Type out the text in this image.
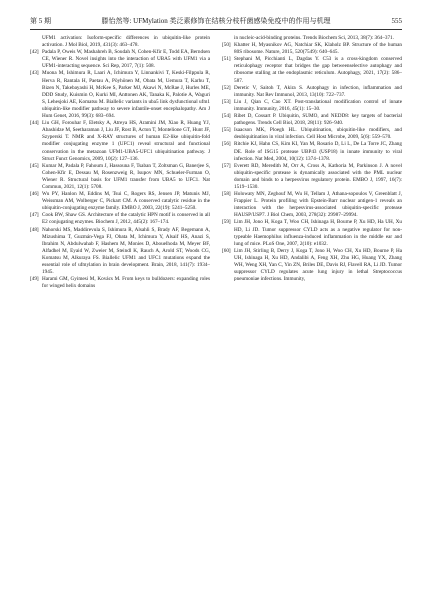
第 5 期	滕怡然等: UFMylation 类泛素修饰在结核分枝杆菌感染免疫中的作用与机理	555
UFM1 activation: Isoform-specific differences in ubiquitin-like protein activation. J Mol Biol, 2019, 431(3): 463–478.
[42] Padala P, Oweis W, Mashahreh B, Soudah N, Cohen-Kfir E, Todd EA, Berndsen CE, Wiener R. Novel insights into the interaction of UBA5 with UFM1 via a UFM1-interacting sequence. Sci Rep, 2017, 7(1): 508.
[43] Muona M, Ishimura R, Laari A, Ichimura Y, Linnankivi T, Keski-Filppula R, Herva R, Rantala H, Paetau A, Pöyhönen M, Obata M, Uemura T, Karhu T, Bizen N, Takebayashi H, McKee S, Parker MJ, Akawi N, McRae J, Hurles ME, DDD Study, Kuismin O, Kurki MI, Anttonen AK, Tanaka K, Palotie A, Waguri S, Lehesjoki AE, Komatsu M. Biallelic variants in uba5 link dysfunctional ufm1 ubiquitin-like modifier pathway to severe infantile-onset encephalopathy. Am J Hum Genet, 2016, 99(3): 683–694.
[44] Liu GH, Forouhar F, Eletsky A, Atreya HS, Aramini JM, Xiao R, Huang YJ, Abashidze M, Seetharaman J, Liu JF, Rost B, Acton T, Montelione GT, Hunt JF, Szyperski T. NMR and X-RAY structures of human E2-like ubiquitin-fold modifier conjugating enzyme 1 (UFC1) reveal structural and functional conservation in the metazoan UFM1-UBA5-UFC1 ubiquitination pathway. J Struct Funct Genomics, 2009, 10(2): 127–136.
[45] Kumar M, Padala P, Fahoum J, Hassouna F, Tsaban T, Zoltsman G, Banerjee S, Cohen-Kfir E, Dessau M, Rosenzweig R, Isupov MN, Schueler-Furman O, Wiener R. Structural basis for UFM1 transfer from UBA5 to UFC1. Nat Commun, 2021, 12(1): 5708.
[46] Wu PY, Hanlon M, Eddins M, Tsui C, Rogers RS, Jensen JP, Matunis MJ, Weissman AM, Wolberger C, Pickart CM. A conserved catalytic residue in the ubiquitin-conjugating enzyme family. EMBO J, 2003, 22(19): 5241–5250.
[47] Cook BW, Shaw GS. Architecture of the catalytic HPN motif is conserved in all E2 conjugating enzymes. Biochem J, 2012, 445(2): 167–174.
[48] Nahorski MS, Maddirevula S, Ishimura R, Alsahli S, Brady AF, Begemann A, Mizushima T, Guzmán-Vega FJ, Obata M, Ichimura Y, Alsaif HS, Anazi S, Ibrahim N, Abdulwahab F, Hashem M, Monies D, Abouelhoda M, Meyer BF, Alfadhel M, Eyaid W, Zweier M, Steindl K, Rauch A, Arold ST, Woods CG, Komatsu M, Alkuraya FS. Biallelic UFM1 and UFC1 mutations expand the essential role of ufmylation in brain development. Brain, 2018, 141(7): 1934–1945.
[49] Harami GM, Gyimesi M, Kovács M. From keys to bulldozers: expanding roles for winged helix domains
in nucleic-acid-binding proteins. Trends Biochem Sci, 2013, 38(7): 364–371.
[50] Khatter H, Myasnikov AG, Natchiar SK, Klaholz BP. Structure of the human 80S ribosome. Nature, 2015, 520(7549): 640–645.
[51] Stephani M, Picchianti L, Dagdas Y. C53 is a cross-kingdom conserved reticulophagy receptor that bridges the gap betweenselective autophagy and ribosome stalling at the endoplasmic reticulum. Autophagy, 2021, 17(2): 586–587.
[52] Deretic V, Saitoh T, Akira S. Autophagy in infection, inflammation and immunity. Nat Rev Immunol, 2013, 13(10): 722–737.
[53] Liu J, Qian C, Cao XT. Post-translational modification control of innate immunity. Immunity, 2016, 45(1): 15–30.
[54] Ribet D, Cossart P. Ubiquitin, SUMO, and NEDD8: key targets of bacterial pathogens. Trends Cell Biol, 2018, 28(11): 926–940.
[55] Isaacson MK, Ploegh HL. Ubiquitination, ubiquitin-like modifiers, and deubiquitination in viral infection. Cell Host Microbe, 2009, 5(6): 559–570.
[56] Ritchie KJ, Hahn CS, Kim KI, Yan M, Rosario D, Li L, De La Torre JC, Zhang DE. Role of ISG15 protease UBP43 (USP18) in innate immunity to viral infection. Nat Med, 2004, 10(12): 1374–1378.
[57] Everett RD, Meredith M, Orr A, Cross A, Kathoria M, Parkinson J. A novel ubiquitin-specific protease is dynamically associated with the PML nuclear domain and binds to a herpesvirus regulatory protein. EMBO J, 1997, 16(7): 1519–1530.
[58] Holowaty MN, Zeghouf M, Wu H, Tellam J, Athana-sopoulos V, Greenblatt J, Frappier L. Protein profiling with Epstein-Barr nuclear antigen-1 reveals an interaction with the herpesvirus-associated ubiquitin-specific protease HAUSP/USP7. J Biol Chem, 2003, 278(32): 29987–29994.
[59] Lim JH, Jono H, Koga T, Woo CH, Ishinaga H, Bourne P, Xu HD, Ha UH, Xu HD, Li JD. Tumor suppressor CYLD acts as a negative regulator for non-typeable Haemophilus influenza-induced inflammation in the middle ear and lung of mice. PLoS One, 2007, 2(10): e1032.
[60] Lim JH, Stirling B, Derry J, Koga T, Jono H, Woo CH, Xu HD, Bourne P, Ha UH, Ishinaga H, Xu HD, Andalibi A, Feng XH, Zhu HG, Huang YX, Zhang WH, Weng XH, Yan C, Yin ZN, Briles DE, Davis RJ, Flavell RA, Li JD. Tumor suppressor CYLD regulates acute lung injury in lethal Streptococcus pneumoniae infections. Immunity,
